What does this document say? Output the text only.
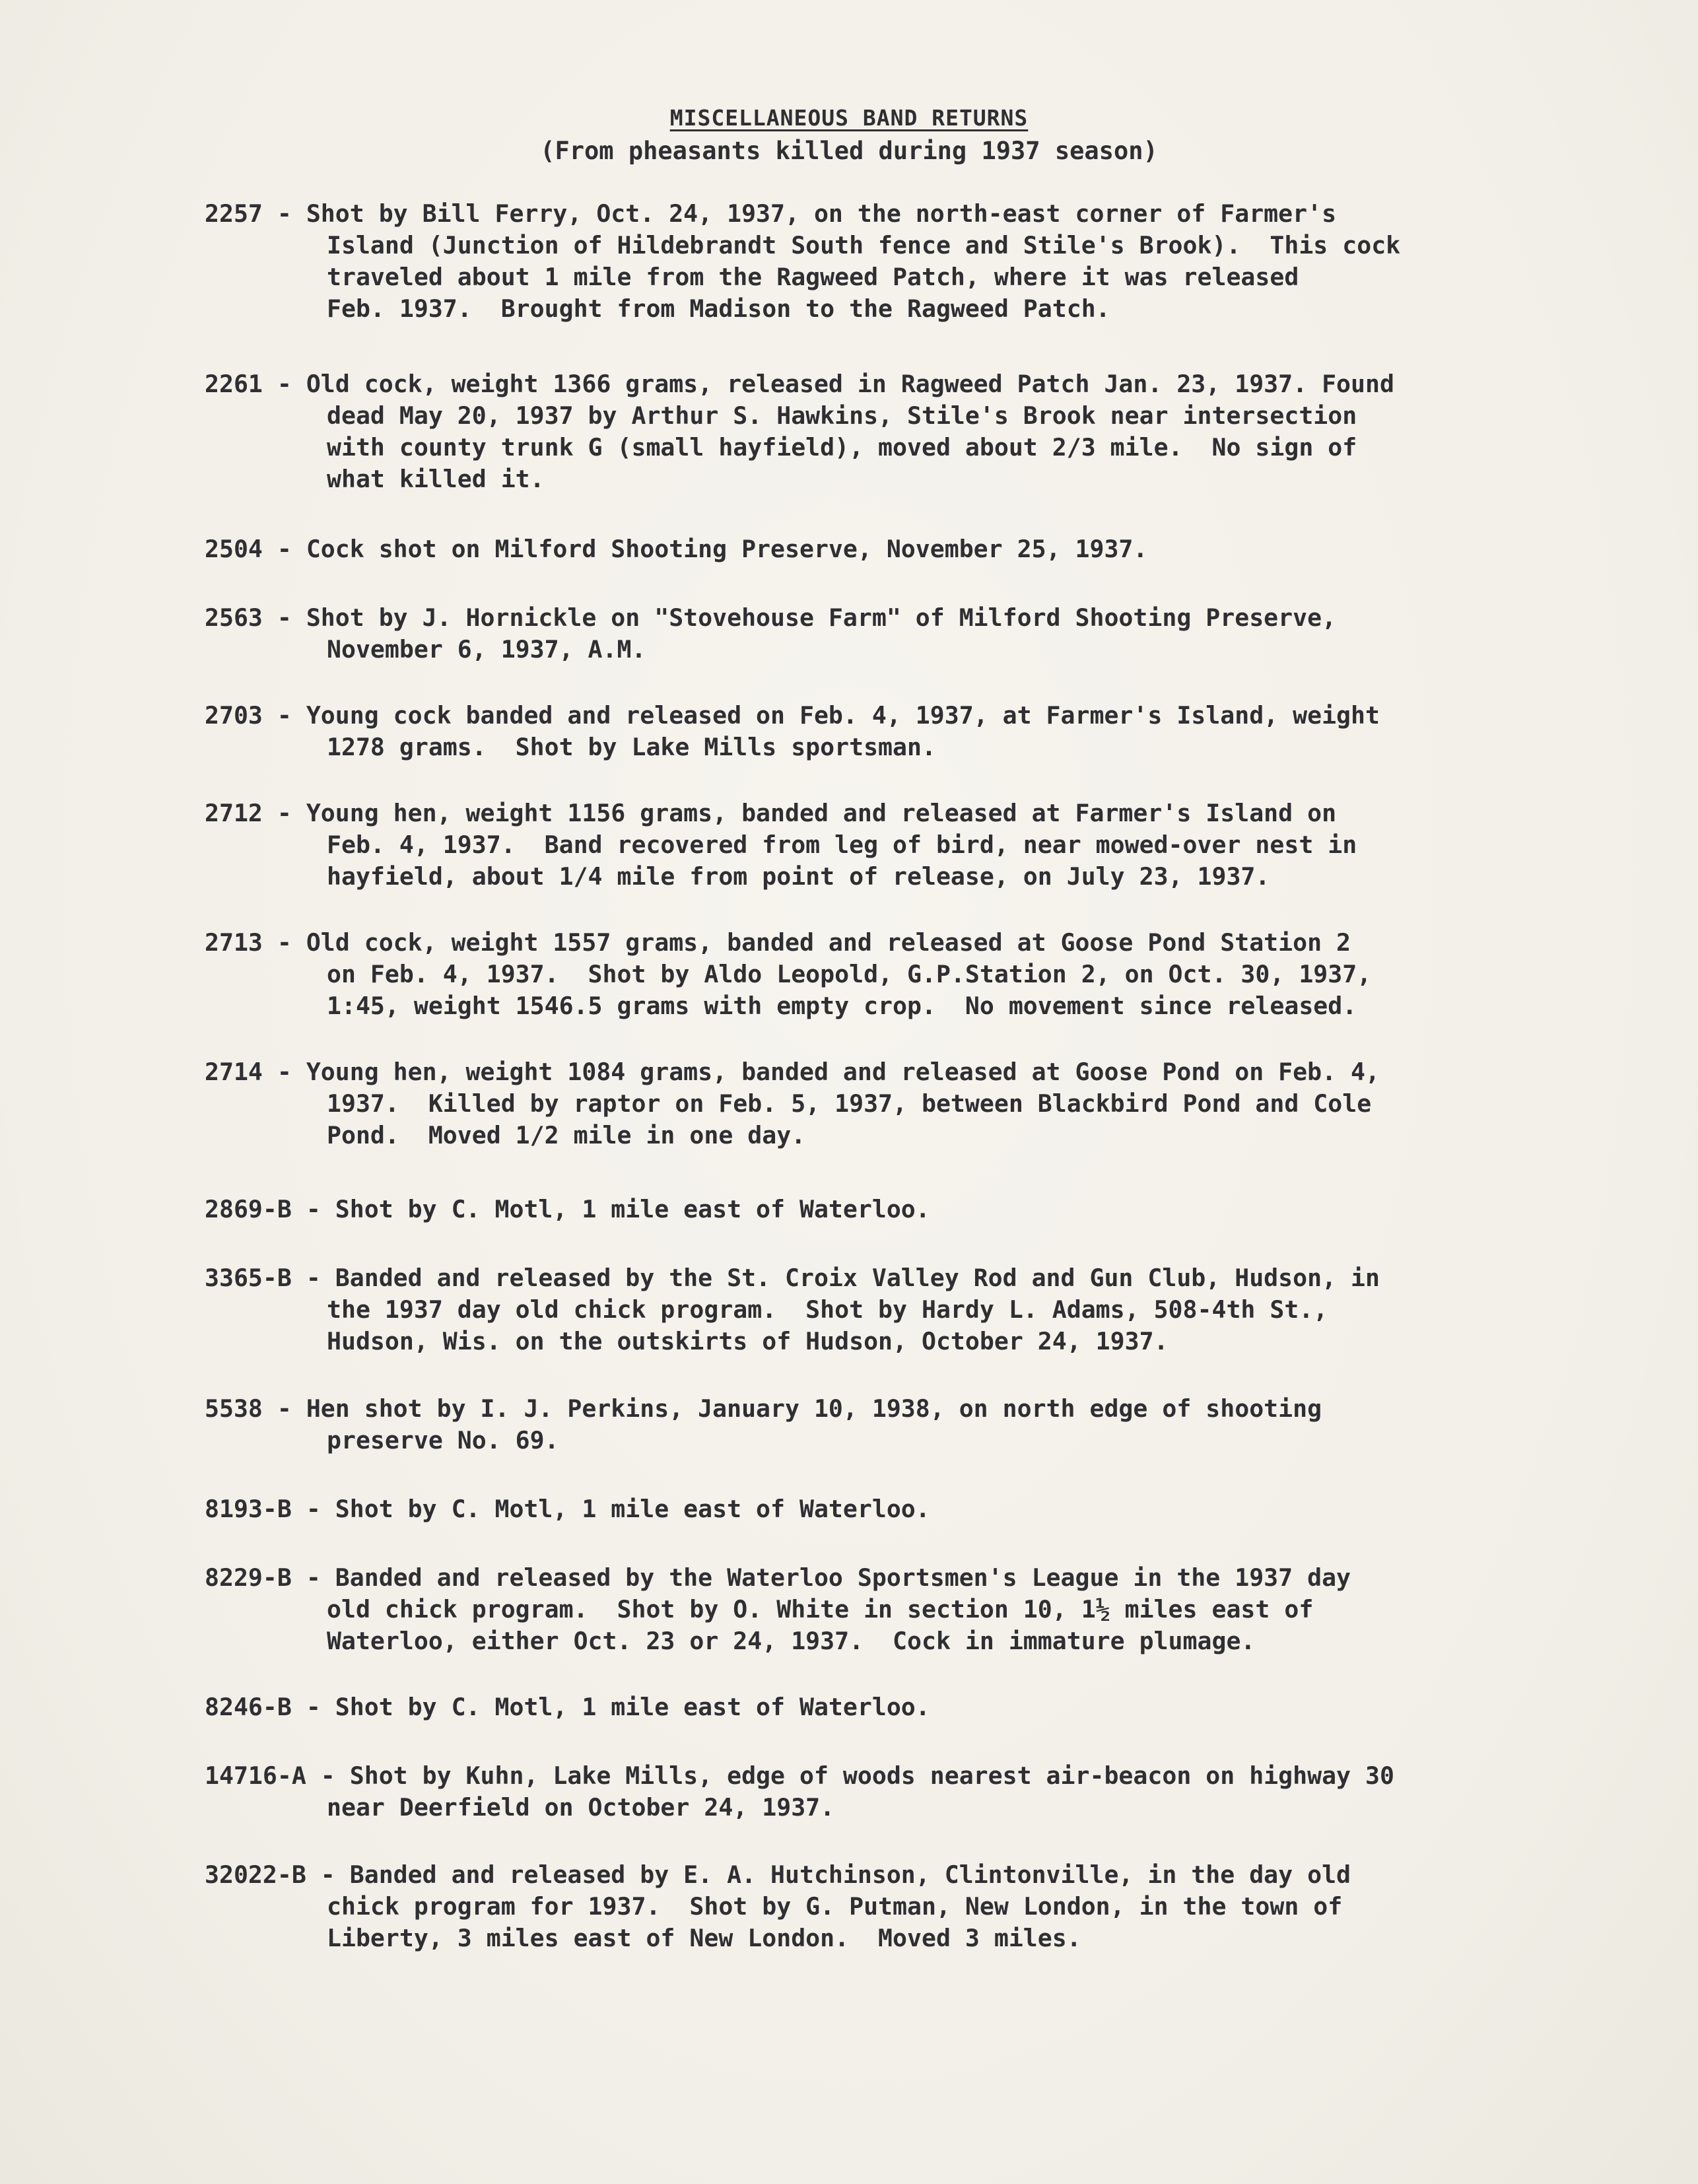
MISCELLANEOUS BAND RETURNS
(From pheasants killed during 1937 season)
2257 - Shot by Bill Ferry, Oct. 24, 1937, on the north-east corner of Farmer's
Island (Junction of Hildebrandt South fence and Stile's Brook).  This cock
traveled about 1 mile from the Ragweed Patch, where it was released
Feb. 1937.  Brought from Madison to the Ragweed Patch.
2261 - Old cock, weight 1366 grams, released in Ragweed Patch Jan. 23, 1937. Found
dead May 20, 1937 by Arthur S. Hawkins, Stile's Brook near intersection
with county trunk G (small hayfield), moved about 2/3 mile.  No sign of
what killed it.
2504 - Cock shot on Milford Shooting Preserve, November 25, 1937.
2563 - Shot by J. Hornickle on "Stovehouse Farm" of Milford Shooting Preserve,
November 6, 1937, A.M.
2703 - Young cock banded and released on Feb. 4, 1937, at Farmer's Island, weight
1278 grams.  Shot by Lake Mills sportsman.
2712 - Young hen, weight 1156 grams, banded and released at Farmer's Island on
Feb. 4, 1937.  Band recovered from leg of bird, near mowed-over nest in
hayfield, about 1/4 mile from point of release, on July 23, 1937.
2713 - Old cock, weight 1557 grams, banded and released at Goose Pond Station 2
on Feb. 4, 1937.  Shot by Aldo Leopold, G.P.Station 2, on Oct. 30, 1937,
1:45, weight 1546.5 grams with empty crop.  No movement since released.
2714 - Young hen, weight 1084 grams, banded and released at Goose Pond on Feb. 4,
1937.  Killed by raptor on Feb. 5, 1937, between Blackbird Pond and Cole
Pond.  Moved 1/2 mile in one day.
2869-B - Shot by C. Motl, 1 mile east of Waterloo.
3365-B - Banded and released by the St. Croix Valley Rod and Gun Club, Hudson, in
the 1937 day old chick program.  Shot by Hardy L. Adams, 508-4th St.,
Hudson, Wis. on the outskirts of Hudson, October 24, 1937.
5538 - Hen shot by I. J. Perkins, January 10, 1938, on north edge of shooting
preserve No. 69.
8193-B - Shot by C. Motl, 1 mile east of Waterloo.
8229-B - Banded and released by the Waterloo Sportsmen's League in the 1937 day
old chick program.  Shot by O. White in section 10, 1½ miles east of
Waterloo, either Oct. 23 or 24, 1937.  Cock in immature plumage.
8246-B - Shot by C. Motl, 1 mile east of Waterloo.
14716-A - Shot by Kuhn, Lake Mills, edge of woods nearest air-beacon on highway 30
near Deerfield on October 24, 1937.
32022-B - Banded and released by E. A. Hutchinson, Clintonville, in the day old
chick program for 1937.  Shot by G. Putman, New London, in the town of
Liberty, 3 miles east of New London.  Moved 3 miles.
